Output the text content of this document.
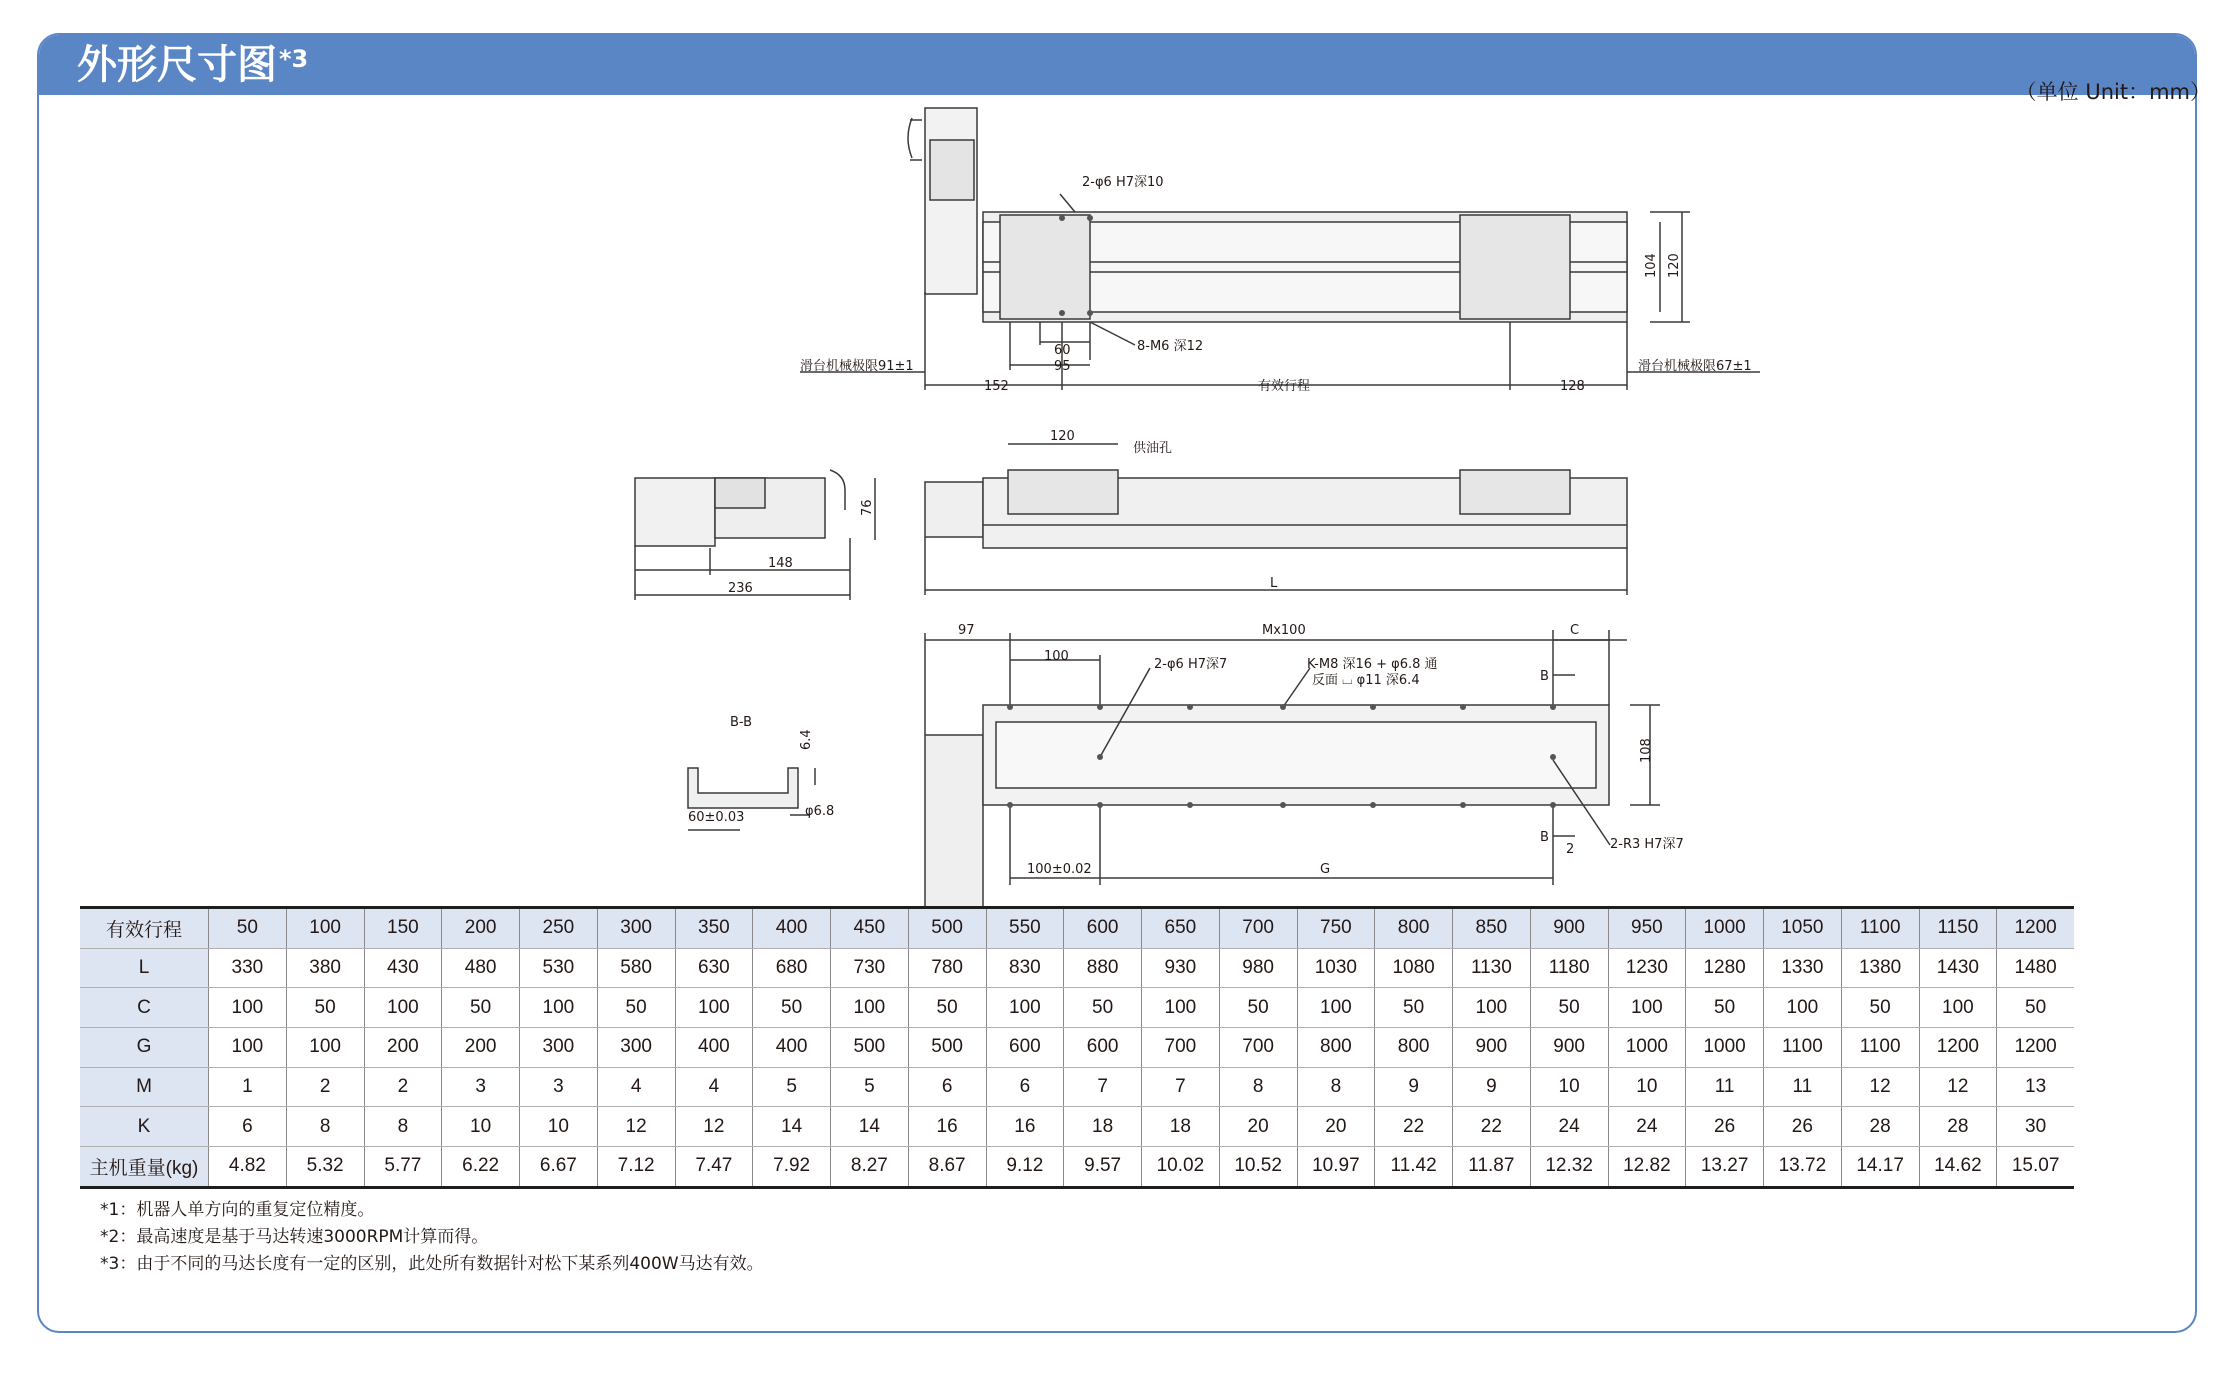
外形尺寸图$^{*3}$
（单位 Unit：mm）
2-φ6 H7深10
8-M6 深12
60
95
152	128
有效行程
滑台机械极限91±1	滑台机械极限67±1
104 120
120
供油孔
L
148
236
76
97	Mx100	C
100
2-φ6 H7深7	K-M8 深16 + φ6.8 通
反面 ⌴ φ11 深6.4	B
B
108
100±0.02	G
2	2-R3 H7深7
B-B
6.4
60±0.03	φ6.8
有效行程	50	100	150	200	250	300	350	400	450	500	550	600	650	700	750	800	850	900	950	1000	1050	1100	1150	1200
L	330	380	430	480	530	580	630	680	730	780	830	880	930	980	1030	1080	1130	1180	1230	1280	1330	1380	1430	1480
C	100	50	100	50	100	50	100	50	100	50	100	50	100	50	100	50	100	50	100	50	100	50	100	50
G	100	100	200	200	300	300	400	400	500	500	600	600	700	700	800	800	900	900	1000	1000	1100	1100	1200	1200
M	1	2	2	3	3	4	4	5	5	6	6	7	7	8	8	9	9	10	10	11	11	12	12	13
K	6	8	8	10	10	12	12	14	14	16	16	18	18	20	20	22	22	24	24	26	26	28	28	30
主机重量(kg)	4.82	5.32	5.77	6.22	6.67	7.12	7.47	7.92	8.27	8.67	9.12	9.57	10.02	10.52	10.97	11.42	11.87	12.32	12.82	13.27	13.72	14.17	14.62	15.07
*1：机器人单方向的重复定位精度。
*2：最高速度是基于马达转速3000RPM计算而得。
*3：由于不同的马达长度有一定的区别，此处所有数据针对松下某系列400W马达有效。
